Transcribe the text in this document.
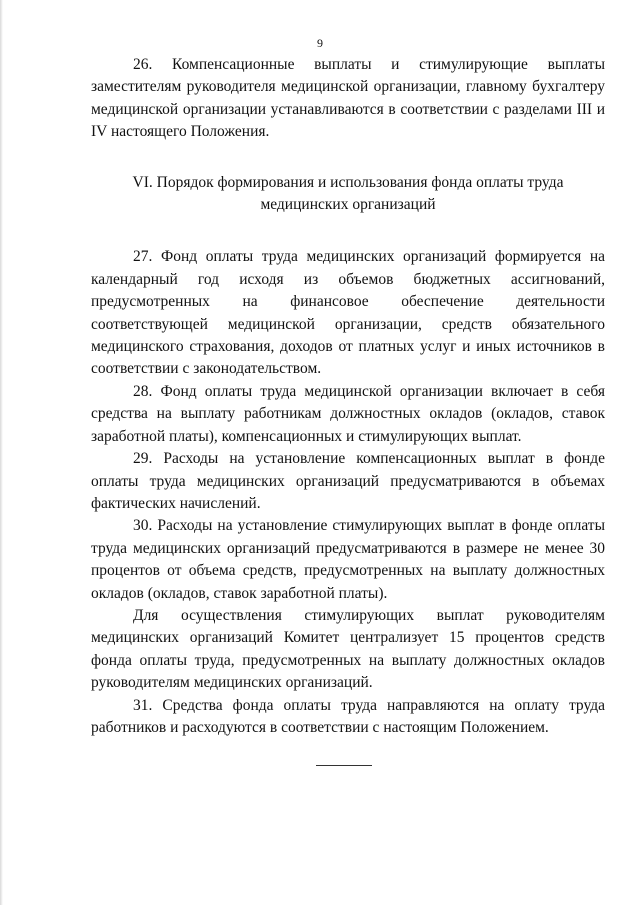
9

26. Компенсационные выплаты и стимулирующие выплаты заместителям руководителя медицинской организации, главному бухгалтеру медицинской организации устанавливаются в соответствии с разделами III и IV настоящего Положения.

VI. Порядок формирования и использования фонда оплаты труда
медицинских организаций

27. Фонд оплаты труда медицинских организаций формируется на календарный год исходя из объемов бюджетных ассигнований, предусмотренных на финансовое обеспечение деятельности соответствующей медицинской организации, средств обязательного медицинского страхования, доходов от платных услуг и иных источников в соответствии с законодательством.

28. Фонд оплаты труда медицинской организации включает в себя средства на выплату работникам должностных окладов (окладов, ставок заработной платы), компенсационных и стимулирующих выплат.

29. Расходы на установление компенсационных выплат в фонде оплаты труда медицинских организаций предусматриваются в объемах фактических начислений.

30. Расходы на установление стимулирующих выплат в фонде оплаты труда медицинских организаций предусматриваются в размере не менее 30 процентов от объема средств, предусмотренных на выплату должностных окладов (окладов, ставок заработной платы).

Для осуществления стимулирующих выплат руководителям медицинских организаций Комитет централизует 15 процентов средств фонда оплаты труда, предусмотренных на выплату должностных окладов руководителям медицинских организаций.

31. Средства фонда оплаты труда направляются на оплату труда работников и расходуются в соответствии с настоящим Положением.
